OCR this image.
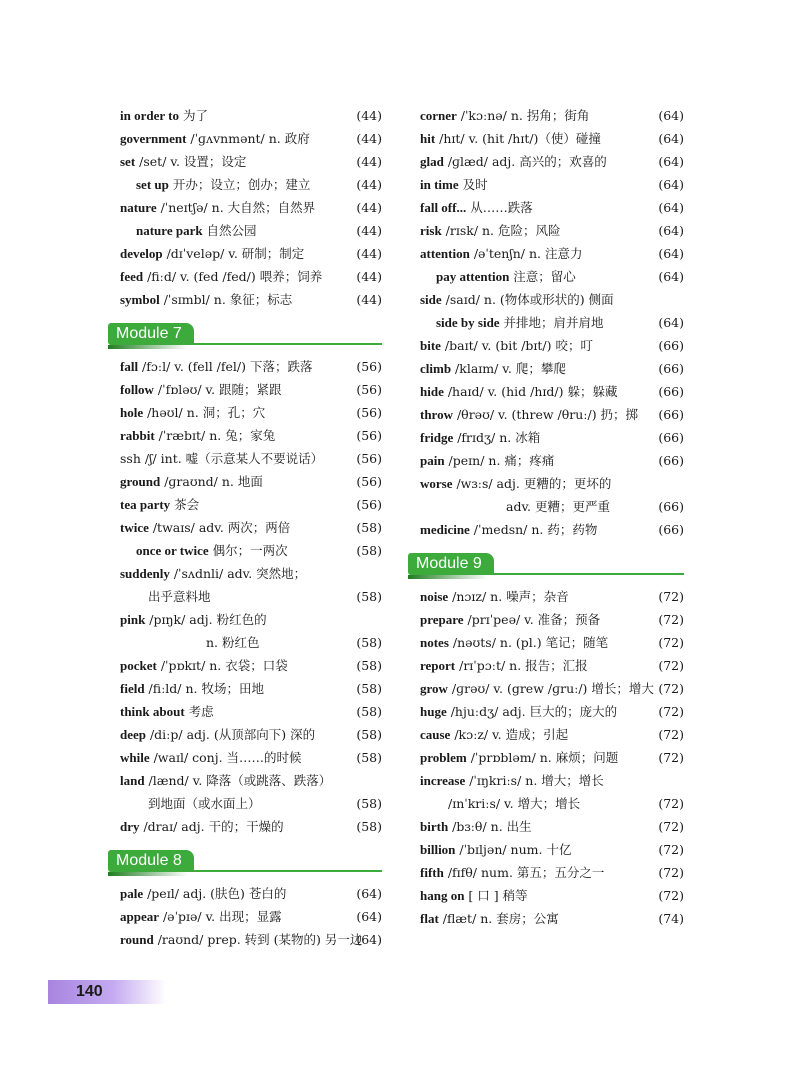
in order to 为了	(44)
government /ˈɡʌvnmənt/ n. 政府	(44)
set /set/ v. 设置；设定	(44)
set up 开办；设立；创办；建立	(44)
nature /ˈneɪtʃə/ n. 大自然；自然界	(44)
nature park 自然公园	(44)
develop /dɪˈveləp/ v. 研制；制定	(44)
feed /fiːd/ v. (fed /fed/) 喂养；饲养	(44)
symbol /ˈsɪmbl/ n. 象征；标志	(44)
Module 7
fall /fɔːl/ v. (fell /fel/) 下落；跌落	(56)
follow /ˈfɒləʊ/ v. 跟随；紧跟	(56)
hole /həʊl/ n. 洞；孔；穴	(56)
rabbit /ˈræbɪt/ n. 兔；家兔	(56)
ssh /ʃ/ int. 嘘（示意某人不要说话）	(56)
ground /ɡraʊnd/ n. 地面	(56)
tea party 茶会	(56)
twice /twaɪs/ adv. 两次；两倍	(58)
once or twice 偶尔；一两次	(58)
suddenly /ˈsʌdnli/ adv. 突然地；
出乎意料地	(58)
pink /pɪŋk/ adj. 粉红色的
n. 粉红色	(58)
pocket /ˈpɒkɪt/ n. 衣袋；口袋	(58)
field /fiːld/ n. 牧场；田地	(58)
think about 考虑	(58)
deep /diːp/ adj. (从顶部向下) 深的	(58)
while /waɪl/ conj. 当……的时候	(58)
land /lænd/ v. 降落（或跳落、跌落）
到地面（或水面上）	(58)
dry /draɪ/ adj. 干的；干燥的	(58)
Module 8
pale /peɪl/ adj. (肤色) 苍白的	(64)
appear /əˈpɪə/ v. 出现；显露	(64)
round /raʊnd/ prep. 转到 (某物的) 另一边
(64)
corner /ˈkɔːnə/ n. 拐角；街角	(64)
hit /hɪt/ v. (hit /hɪt/)（使）碰撞	(64)
glad /ɡlæd/ adj. 高兴的；欢喜的	(64)
in time 及时	(64)
fall off... 从……跌落	(64)
risk /rɪsk/ n. 危险；风险	(64)
attention /əˈtenʃn/ n. 注意力	(64)
pay attention 注意；留心	(64)
side /saɪd/ n. (物体或形状的) 侧面
side by side 并排地；肩并肩地	(64)
bite /baɪt/ v. (bit /bɪt/) 咬；叮	(66)
climb /klaɪm/ v. 爬；攀爬	(66)
hide /haɪd/ v. (hid /hɪd/) 躲；躲藏	(66)
throw /θrəʊ/ v. (threw /θruː/) 扔；掷 (66)
fridge /frɪdʒ/ n. 冰箱	(66)
pain /peɪn/ n. 痛；疼痛	(66)
worse /wɜːs/ adj. 更糟的；更坏的
adv. 更糟；更严重	(66)
medicine /ˈmedsn/ n. 药；药物	(66)
Module 9
noise /nɔɪz/ n. 噪声；杂音	(72)
prepare /prɪˈpeə/ v. 准备；预备	(72)
notes /nəʊts/ n. (pl.) 笔记；随笔	(72)
report /rɪˈpɔːt/ n. 报告；汇报	(72)
grow /ɡrəʊ/ v. (grew /ɡruː/) 增长；增大 (72)
huge /hjuːdʒ/ adj. 巨大的；庞大的	(72)
cause /kɔːz/ v. 造成；引起	(72)
problem /ˈprɒbləm/ n. 麻烦；问题	(72)
increase /ˈɪŋkriːs/ n. 增大；增长
/ɪnˈkriːs/ v. 增大；增长	(72)
birth /bɜːθ/ n. 出生	(72)
billion /ˈbɪljən/ num. 十亿	(72)
fifth /fɪfθ/ num. 第五；五分之一	(72)
hang on [ 口 ] 稍等	(72)
flat /flæt/ n. 套房；公寓	(74)
140
